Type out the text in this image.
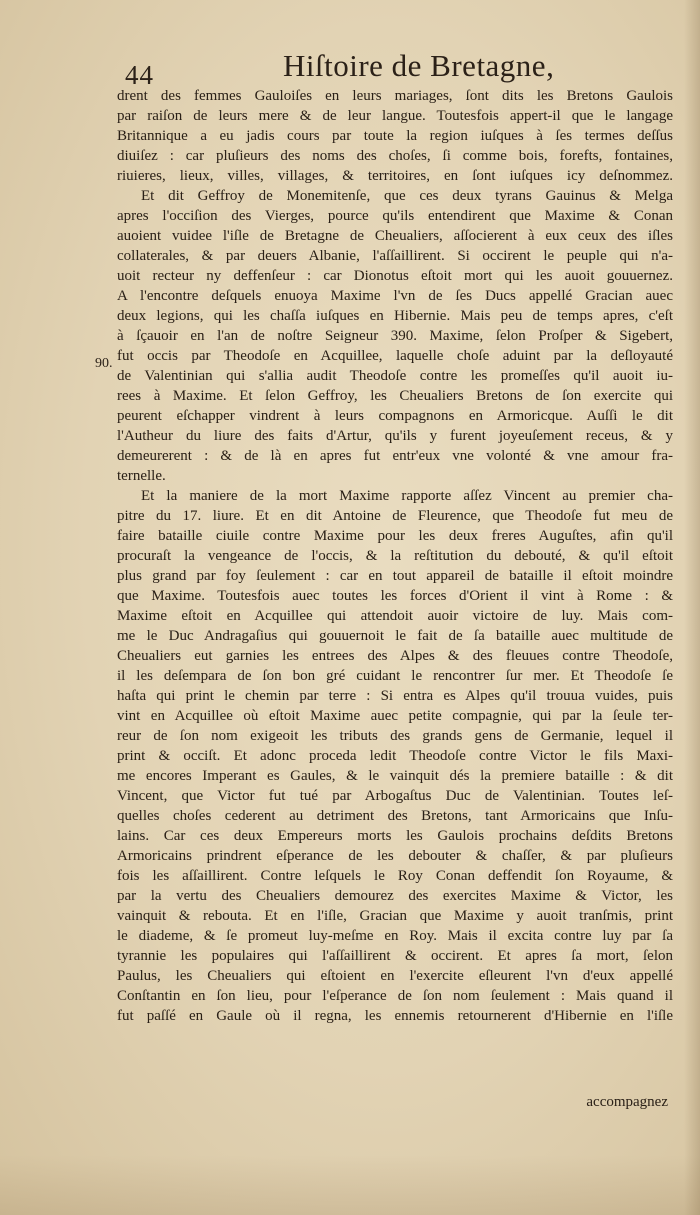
44	Hiſtoire de Bretagne,
90.
drent des femmes Gauloiſes en leurs mariages, ſont dits les Bretons Gaulois
par raiſon de leurs mere & de leur langue. Toutesfois appert-il que le langage
Britannique a eu jadis cours par toute la region iuſques à ſes termes deſſus
diuiſez : car pluſieurs des noms des choſes, ſi comme bois, forefts, fontaines,
riuieres, lieux, villes, villages, & territoires, en ſont iuſques icy deſnommez.
Et dit Geffroy de Monemitenſe, que ces deux tyrans Gauinus & Melga
apres l'occiſion des Vierges, pource qu'ils entendirent que Maxime & Conan
auoient vuidee l'iſle de Bretagne de Cheualiers, aſſocierent à eux ceux des iſles
collaterales, & par deuers Albanie, l'aſſaillirent. Si occirent le peuple qui n'a-
uoit recteur ny deffenſeur : car Dionotus eſtoit mort qui les auoit gouuernez.
A l'encontre deſquels enuoya Maxime l'vn de ſes Ducs appellé Gracian auec
deux legions, qui les chaſſa iuſques en Hibernie. Mais peu de temps apres, c'eſt
à ſçauoir en l'an de noſtre Seigneur 390. Maxime, ſelon Proſper & Sigebert,
fut occis par Theodoſe en Acquillee, laquelle choſe aduint par la deſloyauté
de Valentinian qui s'allia audit Theodoſe contre les promeſſes qu'il auoit iu-
rees à Maxime. Et ſelon Geffroy, les Cheualiers Bretons de ſon exercite qui
peurent eſchapper vindrent à leurs compagnons en Armoricque. Auſſi le dit
l'Autheur du liure des faits d'Artur, qu'ils y furent joyeuſement receus, & y
demeurerent : & de là en apres fut entr'eux vne volonté & vne amour fra-
ternelle.
Et la maniere de la mort Maxime rapporte aſſez Vincent au premier cha-
pitre du 17. liure. Et en dit Antoine de Fleurence, que Theodoſe fut meu de
faire bataille ciuile contre Maxime pour les deux freres Auguſtes, afin qu'il
procuraſt la vengeance de l'occis, & la reſtitution du debouté, & qu'il eſtoit
plus grand par foy ſeulement : car en tout appareil de bataille il eſtoit moindre
que Maxime. Toutesfois auec toutes les forces d'Orient il vint à Rome : &
Maxime eſtoit en Acquillee qui attendoit auoir victoire de luy. Mais com-
me le Duc Andragaſius qui gouuernoit le fait de ſa bataille auec multitude de
Cheualiers eut garnies les entrees des Alpes & des fleuues contre Theodoſe,
il les deſempara de ſon bon gré cuidant le rencontrer ſur mer. Et Theodoſe ſe
haſta qui print le chemin par terre : Si entra es Alpes qu'il trouua vuides, puis
vint en Acquillee où eſtoit Maxime auec petite compagnie, qui par la ſeule ter-
reur de ſon nom exigeoit les tributs des grands gens de Germanie, lequel il
print & occiſt. Et adonc proceda ledit Theodoſe contre Victor le fils Maxi-
me encores Imperant es Gaules, & le vainquit dés la premiere bataille : & dit
Vincent, que Victor fut tué par Arbogaſtus Duc de Valentinian. Toutes leſ-
quelles choſes cederent au detriment des Bretons, tant Armoricains que Inſu-
lains. Car ces deux Empereurs morts les Gaulois prochains deſdits Bretons
Armoricains prindrent eſperance de les debouter & chaſſer, & par pluſieurs
fois les aſſaillirent. Contre leſquels le Roy Conan deffendit ſon Royaume, &
par la vertu des Cheualiers demourez des exercites Maxime & Victor, les
vainquit & rebouta. Et en l'iſle, Gracian que Maxime y auoit tranſmis, print
le diademe, & ſe promeut luy-meſme en Roy. Mais il excita contre luy par ſa
tyrannie les populaires qui l'aſſaillirent & occirent. Et apres ſa mort, ſelon
Paulus, les Cheualiers qui eſtoient en l'exercite eſleurent l'vn d'eux appellé
Conſtantin en ſon lieu, pour l'eſperance de ſon nom ſeulement : Mais quand il
fut paſſé en Gaule où il regna, les ennemis retournerent d'Hibernie en l'iſle
accompagnez
